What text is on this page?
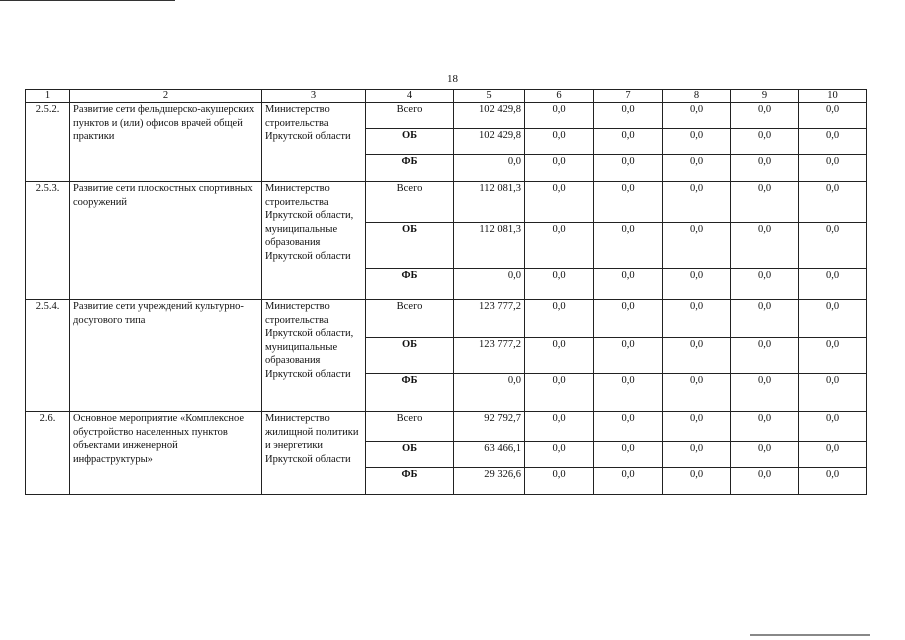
18
1	2	3	4	5	6	7	8	9	10
2.5.2.	Развитие сети фельдшерско-акушерских пунктов и (или) офисов врачей общей практики	Министерство строительства Иркутской области	Всего	102 429,8	0,0	0,0	0,0	0,0	0,0
			ОБ	102 429,8	0,0	0,0	0,0	0,0	0,0
			ФБ	0,0	0,0	0,0	0,0	0,0	0,0
2.5.3.	Развитие сети плоскостных спортивных сооружений	Министерство строительства Иркутской области, муниципальные образования Иркутской области	Всего	112 081,3	0,0	0,0	0,0	0,0	0,0
			ОБ	112 081,3	0,0	0,0	0,0	0,0	0,0
			ФБ	0,0	0,0	0,0	0,0	0,0	0,0
2.5.4.	Развитие сети учреждений культурно-досугового типа	Министерство строительства Иркутской области, муниципальные образования Иркутской области	Всего	123 777,2	0,0	0,0	0,0	0,0	0,0
			ОБ	123 777,2	0,0	0,0	0,0	0,0	0,0
			ФБ	0,0	0,0	0,0	0,0	0,0	0,0
2.6.	Основное мероприятие «Комплексное обустройство населенных пунктов объектами инженерной инфраструктуры»	Министерство жилищной политики и энергетики Иркутской области	Всего	92 792,7	0,0	0,0	0,0	0,0	0,0
			ОБ	63 466,1	0,0	0,0	0,0	0,0	0,0
			ФБ	29 326,6	0,0	0,0	0,0	0,0	0,0
